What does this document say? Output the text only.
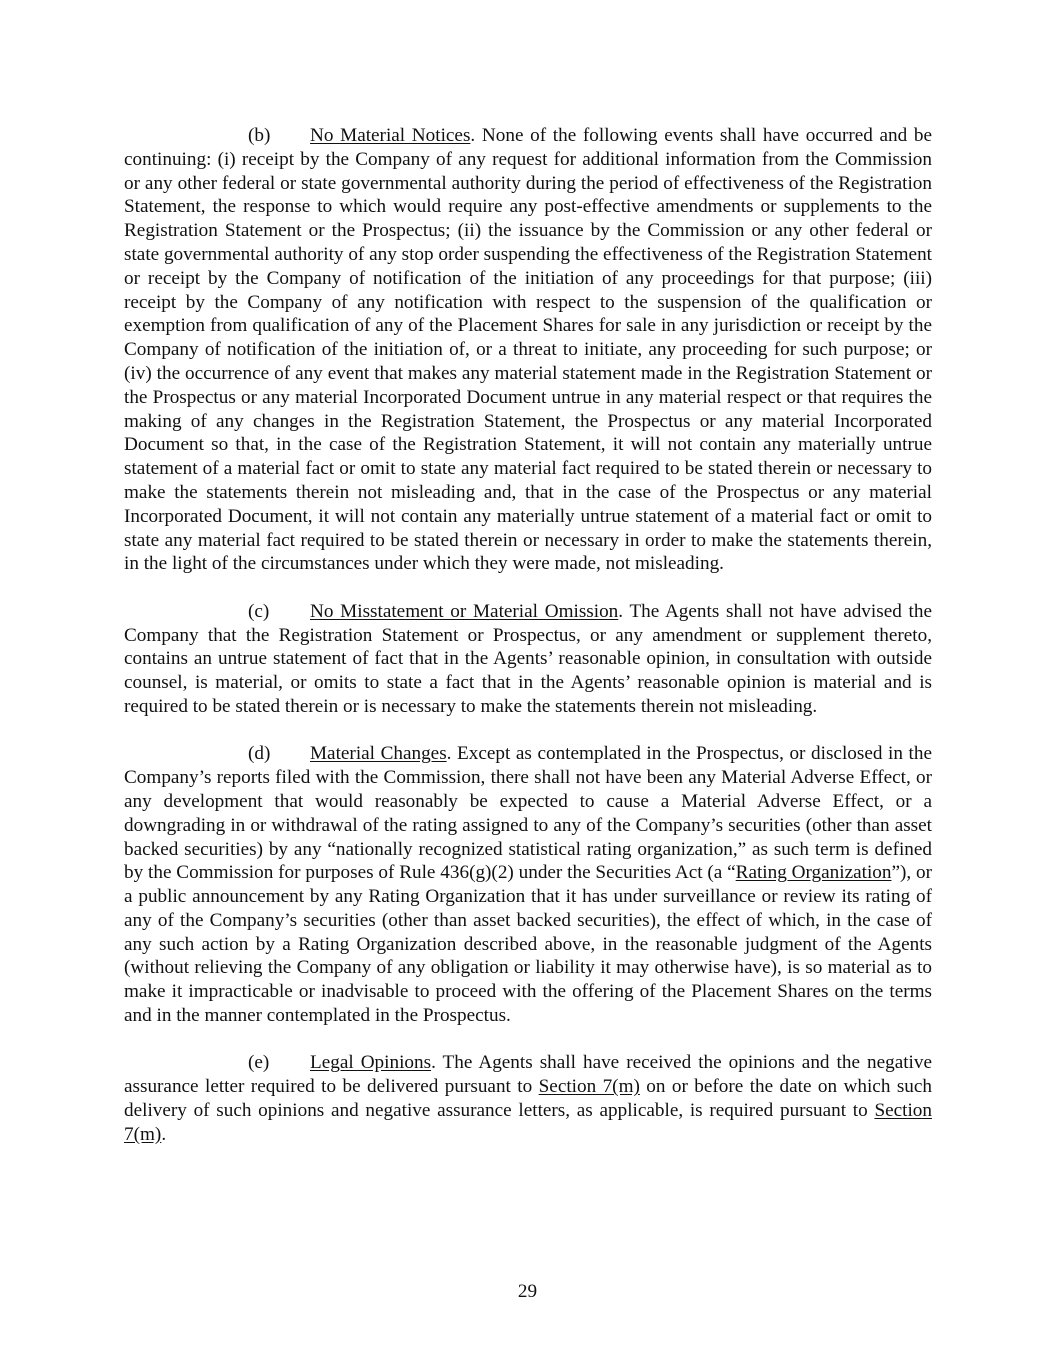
(b) No Material Notices. None of the following events shall have occurred and be continuing: (i) receipt by the Company of any request for additional information from the Commission or any other federal or state governmental authority during the period of effectiveness of the Registration Statement, the response to which would require any post-effective amendments or supplements to the Registration Statement or the Prospectus; (ii) the issuance by the Commission or any other federal or state governmental authority of any stop order suspending the effectiveness of the Registration Statement or receipt by the Company of notification of the initiation of any proceedings for that purpose; (iii) receipt by the Company of any notification with respect to the suspension of the qualification or exemption from qualification of any of the Placement Shares for sale in any jurisdiction or receipt by the Company of notification of the initiation of, or a threat to initiate, any proceeding for such purpose; or (iv) the occurrence of any event that makes any material statement made in the Registration Statement or the Prospectus or any material Incorporated Document untrue in any material respect or that requires the making of any changes in the Registration Statement, the Prospectus or any material Incorporated Document so that, in the case of the Registration Statement, it will not contain any materially untrue statement of a material fact or omit to state any material fact required to be stated therein or necessary to make the statements therein not misleading and, that in the case of the Prospectus or any material Incorporated Document, it will not contain any materially untrue statement of a material fact or omit to state any material fact required to be stated therein or necessary in order to make the statements therein, in the light of the circumstances under which they were made, not misleading.

(c) No Misstatement or Material Omission. The Agents shall not have advised the Company that the Registration Statement or Prospectus, or any amendment or supplement thereto, contains an untrue statement of fact that in the Agents’ reasonable opinion, in consultation with outside counsel, is material, or omits to state a fact that in the Agents’ reasonable opinion is material and is required to be stated therein or is necessary to make the statements therein not misleading.

(d) Material Changes. Except as contemplated in the Prospectus, or disclosed in the Company’s reports filed with the Commission, there shall not have been any Material Adverse Effect, or any development that would reasonably be expected to cause a Material Adverse Effect, or a downgrading in or withdrawal of the rating assigned to any of the Company’s securities (other than asset backed securities) by any “nationally recognized statistical rating organization,” as such term is defined by the Commission for purposes of Rule 436(g)(2) under the Securities Act (a “Rating Organization”), or a public announcement by any Rating Organization that it has under surveillance or review its rating of any of the Company’s securities (other than asset backed securities), the effect of which, in the case of any such action by a Rating Organization described above, in the reasonable judgment of the Agents (without relieving the Company of any obligation or liability it may otherwise have), is so material as to make it impracticable or inadvisable to proceed with the offering of the Placement Shares on the terms and in the manner contemplated in the Prospectus.

(e) Legal Opinions. The Agents shall have received the opinions and the negative assurance letter required to be delivered pursuant to Section 7(m) on or before the date on which such delivery of such opinions and negative assurance letters, as applicable, is required pursuant to Section 7(m).

29
